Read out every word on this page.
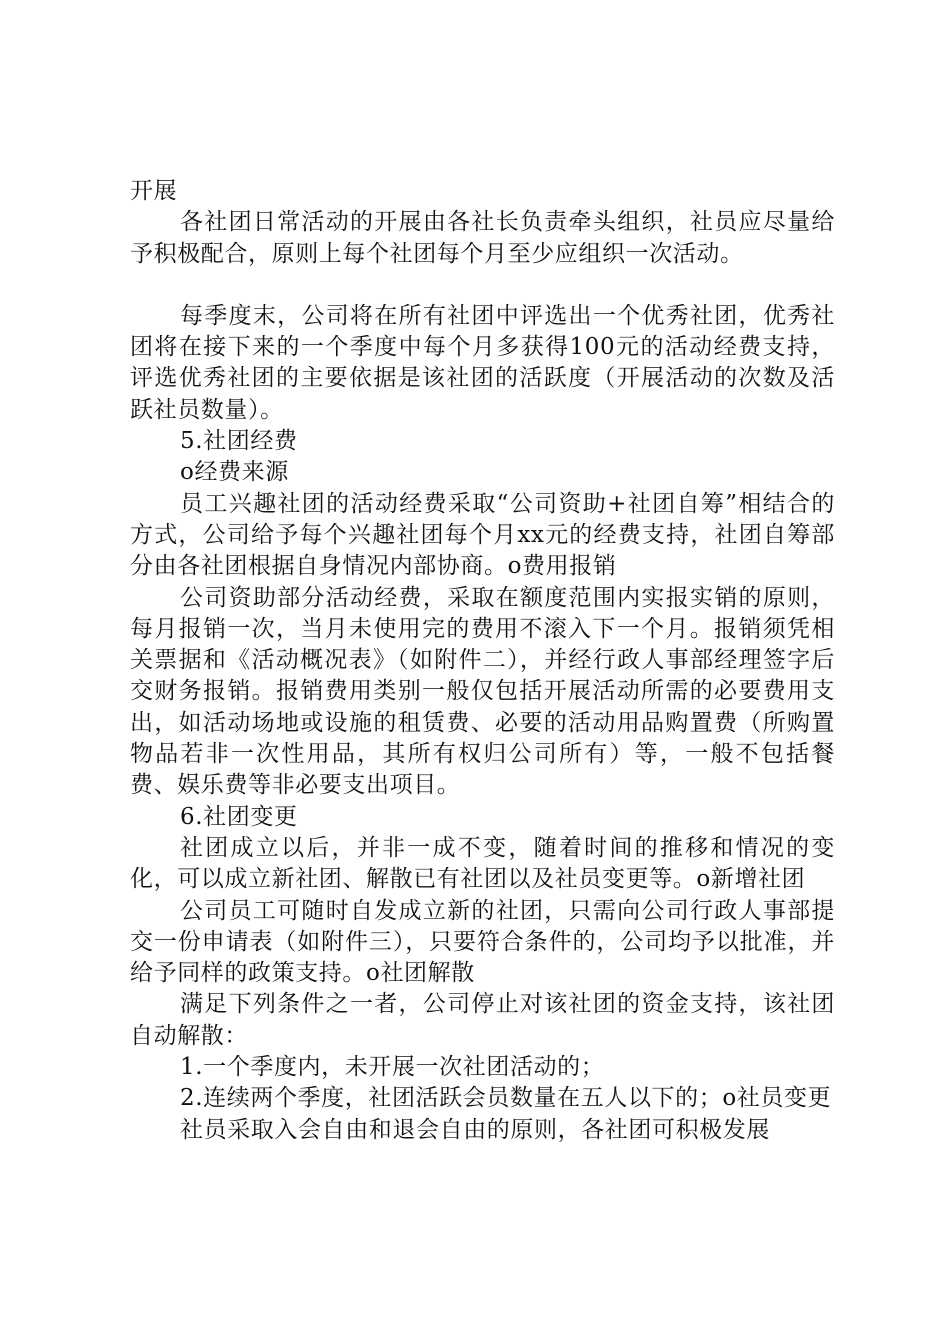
开展

各社团日常活动的开展由各社长负责牵头组织，社员应尽量给予积极配合，原则上每个社团每个月至少应组织一次活动。

每季度末，公司将在所有社团中评选出一个优秀社团，优秀社团将在接下来的一个季度中每个月多获得100元的活动经费支持，评选优秀社团的主要依据是该社团的活跃度（开展活动的次数及活跃社员数量）。

5.社团经费

o经费来源

员工兴趣社团的活动经费采取“公司资助+社团自筹”相结合的方式，公司给予每个兴趣社团每个月xx元的经费支持，社团自筹部分由各社团根据自身情况内部协商。o费用报销

公司资助部分活动经费，采取在额度范围内实报实销的原则，每月报销一次，当月未使用完的费用不滚入下一个月。报销须凭相关票据和《活动概况表》（如附件二），并经行政人事部经理签字后交财务报销。报销费用类别一般仅包括开展活动所需的必要费用支出，如活动场地或设施的租赁费、必要的活动用品购置费（所购置物品若非一次性用品，其所有权归公司所有）等，一般不包括餐费、娱乐费等非必要支出项目。

6.社团变更

社团成立以后，并非一成不变，随着时间的推移和情况的变化，可以成立新社团、解散已有社团以及社员变更等。o新增社团

公司员工可随时自发成立新的社团，只需向公司行政人事部提交一份申请表（如附件三），只要符合条件的，公司均予以批准，并给予同样的政策支持。o社团解散

满足下列条件之一者，公司停止对该社团的资金支持，该社团自动解散：

1.一个季度内，未开展一次社团活动的；

2.连续两个季度，社团活跃会员数量在五人以下的；o社员变更

社员采取入会自由和退会自由的原则，各社团可积极发展
